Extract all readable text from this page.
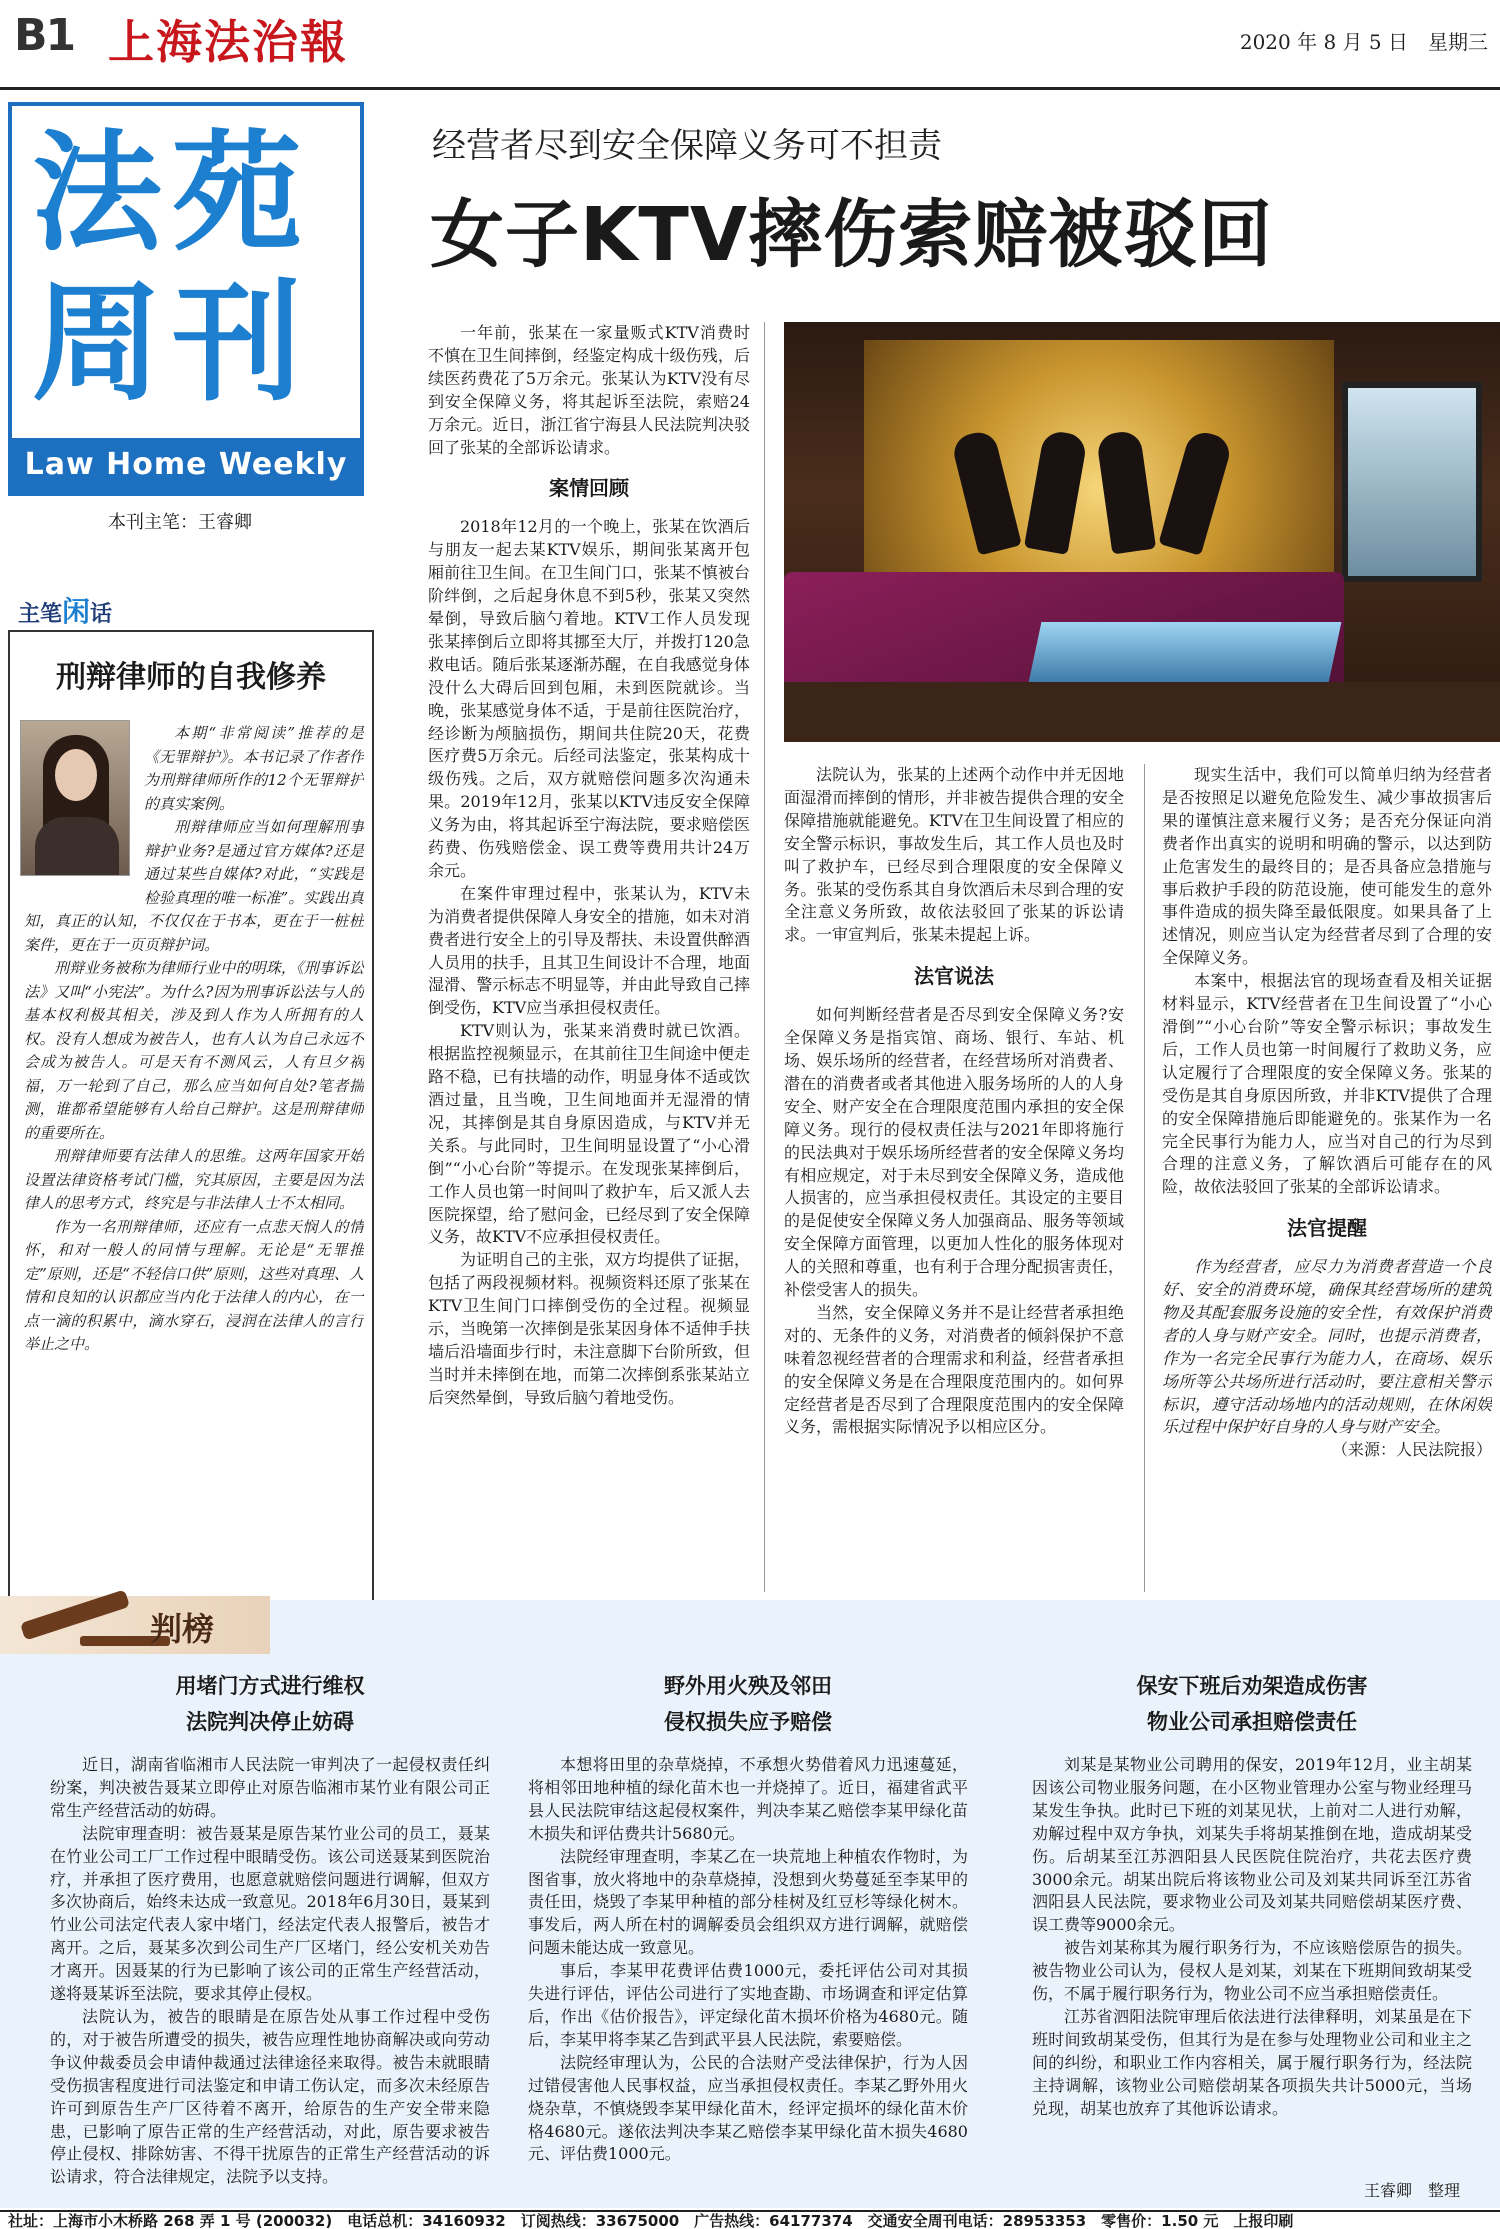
B1 上海法治報	2020 年 8 月 5 日　星期三
法苑
周刊
Law Home Weekly
本刊主笔：王睿卿
主笔闲话
刑辩律师的自我修养

本期“非常阅读”推荐的是《无罪辩护》。本书记录了作者作为刑辩律师所作的12个无罪辩护的真实案例。

刑辩律师应当如何理解刑事辩护业务?是通过官方媒体?还是通过某些自媒体?对此，“实践是检验真理的唯一标准”。实践出真知，真正的认知，不仅仅在于书本，更在于一桩桩案件，更在于一页页辩护词。

刑辩业务被称为律师行业中的明珠，《刑事诉讼法》又叫“小宪法”。为什么?因为刑事诉讼法与人的基本权利极其相关，涉及到人作为人所拥有的人权。没有人想成为被告人，也有人认为自己永远不会成为被告人。可是天有不测风云，人有旦夕祸福，万一轮到了自己，那么应当如何自处?笔者揣测，谁都希望能够有人给自己辩护。这是刑辩律师的重要所在。

刑辩律师要有法律人的思维。这两年国家开始设置法律资格考试门槛，究其原因，主要是因为法律人的思考方式，终究是与非法律人士不太相同。

作为一名刑辩律师，还应有一点悲天悯人的情怀，和对一般人的同情与理解。无论是“无罪推定”原则，还是“不轻信口供”原则，这些对真理、人情和良知的认识都应当内化于法律人的内心，在一点一滴的积累中，滴水穿石，浸润在法律人的言行举止之中。

经营者尽到安全保障义务可不担责
女子KTV摔伤索赔被驳回

一年前，张某在一家量贩式KTV消费时不慎在卫生间摔倒，经鉴定构成十级伤残，后续医药费花了5万余元。张某认为KTV没有尽到安全保障义务，将其起诉至法院，索赔24万余元。近日，浙江省宁海县人民法院判决驳回了张某的全部诉讼请求。

案情回顾

2018年12月的一个晚上，张某在饮酒后与朋友一起去某KTV娱乐，期间张某离开包厢前往卫生间。在卫生间门口，张某不慎被台阶绊倒，之后起身休息不到5秒，张某又突然晕倒，导致后脑勺着地。KTV工作人员发现张某摔倒后立即将其挪至大厅，并拨打120急救电话。随后张某逐渐苏醒，在自我感觉身体没什么大碍后回到包厢，未到医院就诊。当晚，张某感觉身体不适，于是前往医院治疗，经诊断为颅脑损伤，期间共住院20天，花费医疗费5万余元。后经司法鉴定，张某构成十级伤残。之后，双方就赔偿问题多次沟通未果。2019年12月，张某以KTV违反安全保障义务为由，将其起诉至宁海法院，要求赔偿医药费、伤残赔偿金、误工费等费用共计24万余元。

在案件审理过程中，张某认为，KTV未为消费者提供保障人身安全的措施，如未对消费者进行安全上的引导及帮扶、未设置供醉酒人员用的扶手，且其卫生间设计不合理，地面湿滑、警示标志不明显等，并由此导致自己摔倒受伤，KTV应当承担侵权责任。

KTV则认为，张某来消费时就已饮酒。根据监控视频显示，在其前往卫生间途中便走路不稳，已有扶墙的动作，明显身体不适或饮酒过量，且当晚，卫生间地面并无湿滑的情况，其摔倒是其自身原因造成，与KTV并无关系。与此同时，卫生间明显设置了“小心滑倒”“小心台阶”等提示。在发现张某摔倒后，工作人员也第一时间叫了救护车，后又派人去医院探望，给了慰问金，已经尽到了安全保障义务，故KTV不应承担侵权责任。

为证明自己的主张，双方均提供了证据，包括了两段视频材料。视频资料还原了张某在KTV卫生间门口摔倒受伤的全过程。视频显示，当晚第一次摔倒是张某因身体不适伸手扶墙后沿墙面步行时，未注意脚下台阶所致，但当时并未摔倒在地，而第二次摔倒系张某站立后突然晕倒，导致后脑勺着地受伤。

法院认为，张某的上述两个动作中并无因地面湿滑而摔倒的情形，并非被告提供合理的安全保障措施就能避免。KTV在卫生间设置了相应的安全警示标识，事故发生后，其工作人员也及时叫了救护车，已经尽到合理限度的安全保障义务。张某的受伤系其自身饮酒后未尽到合理的安全注意义务所致，故依法驳回了张某的诉讼请求。一审宣判后，张某未提起上诉。

法官说法

如何判断经营者是否尽到安全保障义务?安全保障义务是指宾馆、商场、银行、车站、机场、娱乐场所的经营者，在经营场所对消费者、潜在的消费者或者其他进入服务场所的人的人身安全、财产安全在合理限度范围内承担的安全保障义务。现行的侵权责任法与2021年即将施行的民法典对于娱乐场所经营者的安全保障义务均有相应规定，对于未尽到安全保障义务，造成他人损害的，应当承担侵权责任。其设定的主要目的是促使安全保障义务人加强商品、服务等领域安全保障方面管理，以更加人性化的服务体现对人的关照和尊重，也有利于合理分配损害责任，补偿受害人的损失。

当然，安全保障义务并不是让经营者承担绝对的、无条件的义务，对消费者的倾斜保护不意味着忽视经营者的合理需求和利益，经营者承担的安全保障义务是在合理限度范围内的。如何界定经营者是否尽到了合理限度范围内的安全保障义务，需根据实际情况予以相应区分。

现实生活中，我们可以简单归纳为经营者是否按照足以避免危险发生、减少事故损害后果的谨慎注意来履行义务；是否充分保证向消费者作出真实的说明和明确的警示，以达到防止危害发生的最终目的；是否具备应急措施与事后救护手段的防范设施，使可能发生的意外事件造成的损失降至最低限度。如果具备了上述情况，则应当认定为经营者尽到了合理的安全保障义务。

本案中，根据法官的现场查看及相关证据材料显示，KTV经营者在卫生间设置了“小心滑倒”“小心台阶”等安全警示标识；事故发生后，工作人员也第一时间履行了救助义务，应认定履行了合理限度的安全保障义务。张某的受伤是其自身原因所致，并非KTV提供了合理的安全保障措施后即能避免的。张某作为一名完全民事行为能力人，应当对自己的行为尽到合理的注意义务，了解饮酒后可能存在的风险，故依法驳回了张某的全部诉讼请求。

法官提醒

作为经营者，应尽力为消费者营造一个良好、安全的消费环境，确保其经营场所的建筑物及其配套服务设施的安全性，有效保护消费者的人身与财产安全。同时，也提示消费者，作为一名完全民事行为能力人，在商场、娱乐场所等公共场所进行活动时，要注意相关警示标识，遵守活动场地内的活动规则，在休闲娱乐过程中保护好自身的人身与财产安全。

（来源：人民法院报）

判榜
用堵门方式进行维权
法院判决停止妨碍

近日，湖南省临湘市人民法院一审判决了一起侵权责任纠纷案，判决被告聂某立即停止对原告临湘市某竹业有限公司正常生产经营活动的妨碍。

法院审理查明：被告聂某是原告某竹业公司的员工，聂某在竹业公司工厂工作过程中眼睛受伤。该公司送聂某到医院治疗，并承担了医疗费用，也愿意就赔偿问题进行调解，但双方多次协商后，始终未达成一致意见。2018年6月30日，聂某到竹业公司法定代表人家中堵门，经法定代表人报警后，被告才离开。之后，聂某多次到公司生产厂区堵门，经公安机关劝告才离开。因聂某的行为已影响了该公司的正常生产经营活动，遂将聂某诉至法院，要求其停止侵权。

法院认为，被告的眼睛是在原告处从事工作过程中受伤的，对于被告所遭受的损失，被告应理性地协商解决或向劳动争议仲裁委员会申请仲裁通过法律途径来取得。被告未就眼睛受伤损害程度进行司法鉴定和申请工伤认定，而多次未经原告许可到原告生产厂区待着不离开，给原告的生产安全带来隐患，已影响了原告正常的生产经营活动，对此，原告要求被告停止侵权、排除妨害、不得干扰原告的正常生产经营活动的诉讼请求，符合法律规定，法院予以支持。

野外用火殃及邻田
侵权损失应予赔偿

本想将田里的杂草烧掉，不承想火势借着风力迅速蔓延，将相邻田地种植的绿化苗木也一并烧掉了。近日，福建省武平县人民法院审结这起侵权案件，判决李某乙赔偿李某甲绿化苗木损失和评估费共计5680元。

法院经审理查明，李某乙在一块荒地上种植农作物时，为图省事，放火将地中的杂草烧掉，没想到火势蔓延至李某甲的责任田，烧毁了李某甲种植的部分桂树及红豆杉等绿化树木。事发后，两人所在村的调解委员会组织双方进行调解，就赔偿问题未能达成一致意见。

事后，李某甲花费评估费1000元，委托评估公司对其损失进行评估，评估公司进行了实地查勘、市场调查和评定估算后，作出《估价报告》，评定绿化苗木损坏价格为4680元。随后，李某甲将李某乙告到武平县人民法院，索要赔偿。

法院经审理认为，公民的合法财产受法律保护，行为人因过错侵害他人民事权益，应当承担侵权责任。李某乙野外用火烧杂草，不慎烧毁李某甲绿化苗木，经评定损坏的绿化苗木价格4680元。遂依法判决李某乙赔偿李某甲绿化苗木损失4680元、评估费1000元。

保安下班后劝架造成伤害
物业公司承担赔偿责任

刘某是某物业公司聘用的保安，2019年12月，业主胡某因该公司物业服务问题，在小区物业管理办公室与物业经理马某发生争执。此时已下班的刘某见状，上前对二人进行劝解，劝解过程中双方争执，刘某失手将胡某推倒在地，造成胡某受伤。后胡某至江苏泗阳县人民医院住院治疗，共花去医疗费3000余元。胡某出院后将该物业公司及刘某共同诉至江苏省泗阳县人民法院，要求物业公司及刘某共同赔偿胡某医疗费、误工费等9000余元。

被告刘某称其为履行职务行为，不应该赔偿原告的损失。被告物业公司认为，侵权人是刘某，刘某在下班期间致胡某受伤，不属于履行职务行为，物业公司不应当承担赔偿责任。

江苏省泗阳法院审理后依法进行法律释明，刘某虽是在下班时间致胡某受伤，但其行为是在参与处理物业公司和业主之间的纠纷，和职业工作内容相关，属于履行职务行为，经法院主持调解，该物业公司赔偿胡某各项损失共计5000元，当场兑现，胡某也放弃了其他诉讼请求。

王睿卿　整理
社址：上海市小木桥路 268 弄 1 号 (200032)　电话总机：34160932　订阅热线：33675000　广告热线：64177374　交通安全周刊电话：28953353　零售价：1.50 元　上报印刷
